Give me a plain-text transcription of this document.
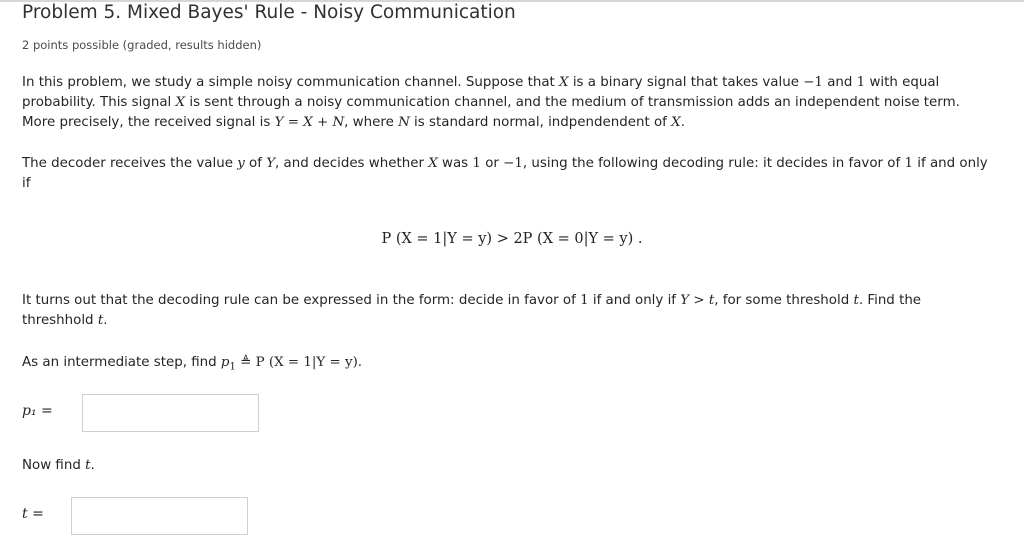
Problem 5. Mixed Bayes' Rule - Noisy Communication
2 points possible (graded, results hidden)
In this problem, we study a simple noisy communication channel. Suppose that X is a binary signal that takes value −1 and 1 with equal
probability. This signal X is sent through a noisy communication channel, and the medium of transmission adds an independent noise term.
More precisely, the received signal is Y = X + N, where N is standard normal, indpendendent of X.
The decoder receives the value y of Y, and decides whether X was 1 or −1, using the following decoding rule: it decides in favor of 1 if and only
if
P (X = 1|Y = y) > 2P (X = 0|Y = y) .
It turns out that the decoding rule can be expressed in the form: decide in favor of 1 if and only if Y > t, for some threshold t. Find the
threshhold t.
As an intermediate step, find $p_1$ ≜ P (X = 1|Y = y).
p₁ =
Now find t.
t =
